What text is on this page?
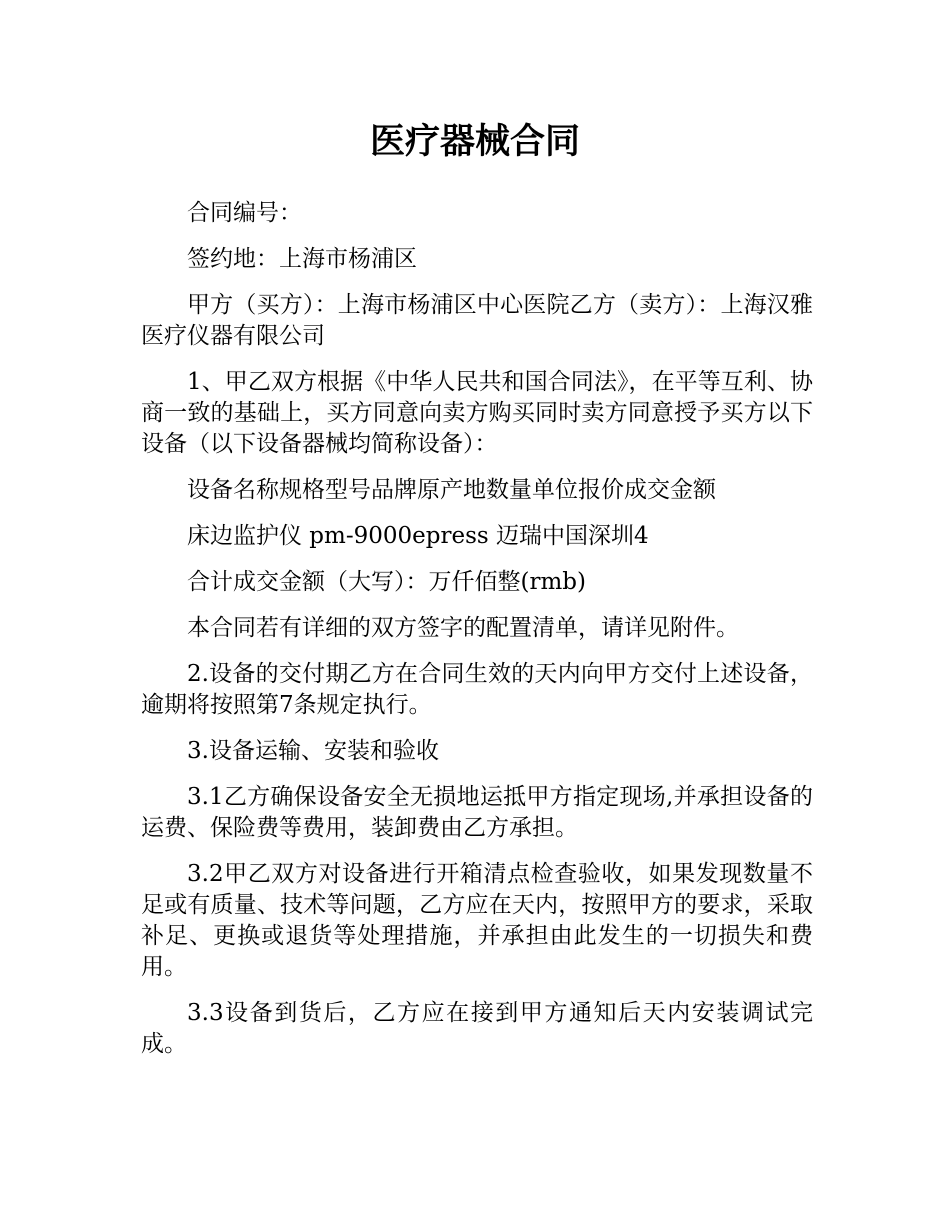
医疗器械合同

合同编号：

签约地：上海市杨浦区

甲方（买方）：上海市杨浦区中心医院乙方（卖方）：上海汉雅医疗仪器有限公司

1、甲乙双方根据《中华人民共和国合同法》，在平等互利、协商一致的基础上，买方同意向卖方购买同时卖方同意授予买方以下设备（以下设备器械均简称设备）：

设备名称规格型号品牌原产地数量单位报价成交金额

床边监护仪 pm-9000epress 迈瑞中国深圳4

合计成交金额（大写）：万仟佰整(rmb)

本合同若有详细的双方签字的配置清单，请详见附件。

2.设备的交付期乙方在合同生效的天内向甲方交付上述设备，逾期将按照第7条规定执行。

3.设备运输、安装和验收

3.1乙方确保设备安全无损地运抵甲方指定现场,并承担设备的运费、保险费等费用，装卸费由乙方承担。

3.2甲乙双方对设备进行开箱清点检查验收，如果发现数量不足或有质量、技术等问题，乙方应在天内，按照甲方的要求，采取补足、更换或退货等处理措施，并承担由此发生的一切损失和费用。

3.3设备到货后，乙方应在接到甲方通知后天内安装调试完成。
